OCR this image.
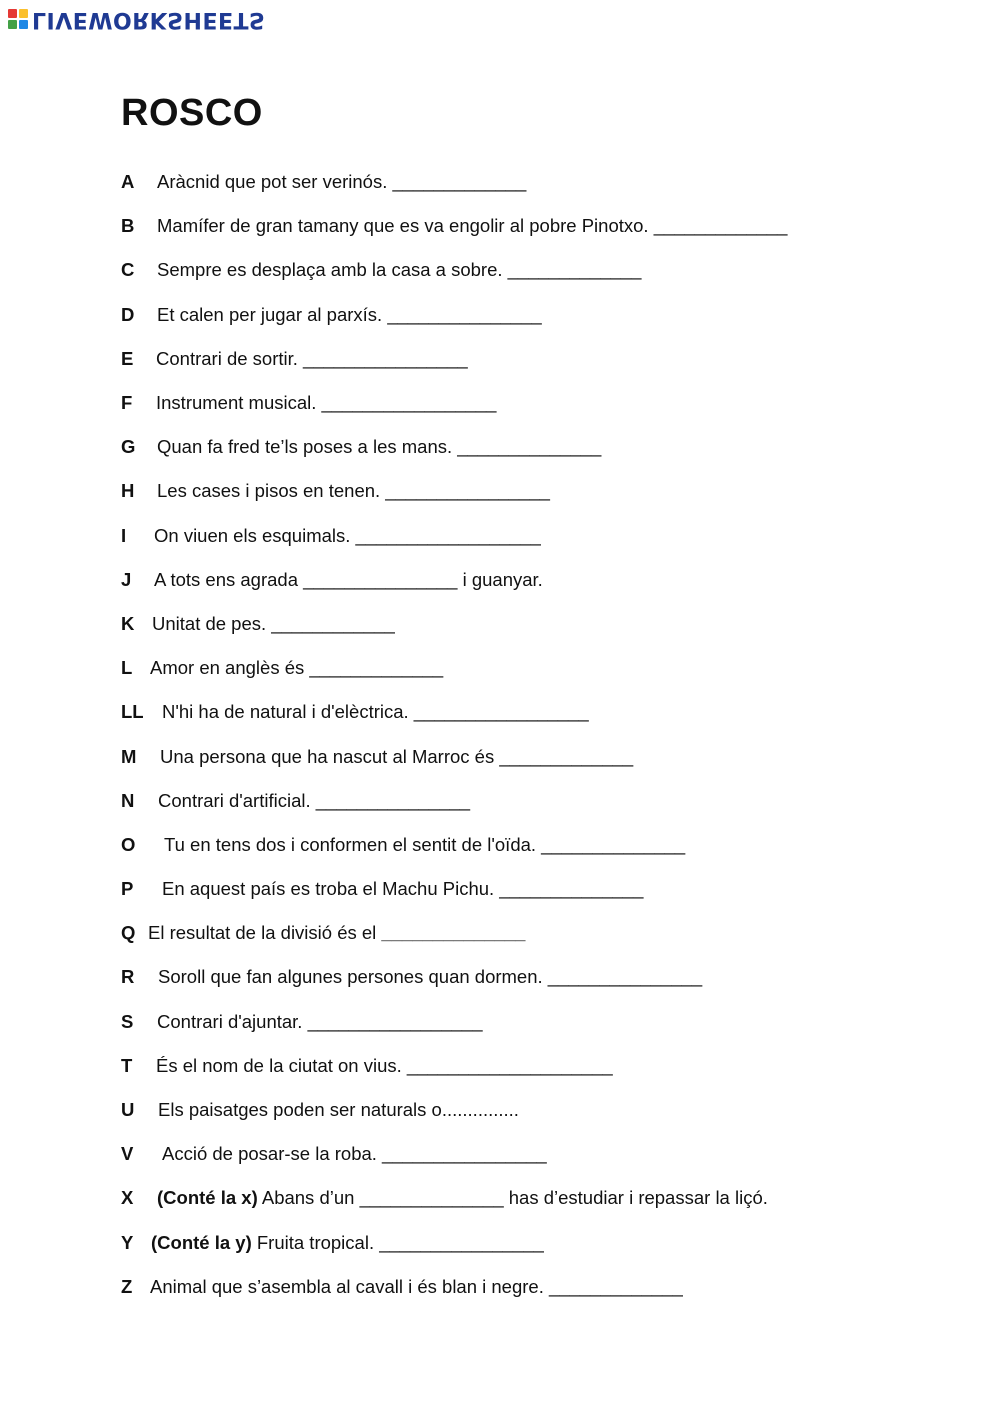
LIVEWORKSHEETS
ROSCO
A	Aràcnid que pot ser verinós. _____________
B	Mamífer de gran tamany que es va engolir al pobre Pinotxo. _____________
C	Sempre es desplaça amb la casa a sobre. _____________
D	Et calen per jugar al parxís. _______________
E	Contrari de sortir. ________________
F	Instrument musical. _________________
G	Quan fa fred te’ls poses a les mans. ______________
H	Les cases i pisos en tenen. ________________
I	On viuen els esquimals. __________________
J	A tots ens agrada _______________ i guanyar.
K Unitat de pes. ____________
L Amor en anglès és _____________
LL N'hi ha de natural i d'elèctrica. _________________
M	Una persona que ha nascut al Marroc és _____________
N	Contrari d'artificial. _______________
O	Tu en tens dos i conformen el sentit de l'oïda. ______________
P	En aquest país es troba el Machu Pichu. ______________
Q El resultat de la divisió és el ______________
R	Soroll que fan algunes persones quan dormen. _______________
S	Contrari d'ajuntar. _________________
T	És el nom de la ciutat on vius. ____________________
U	Els paisatges poden ser naturals o...............
V	Acció de posar-se la roba. ________________
X	(Conté la x) Abans d’un ______________ has d’estudiar i repassar la liçó.
Y (Conté la y) Fruita tropical. ________________
Z Animal que s’asembla al cavall i és blan i negre. _____________
